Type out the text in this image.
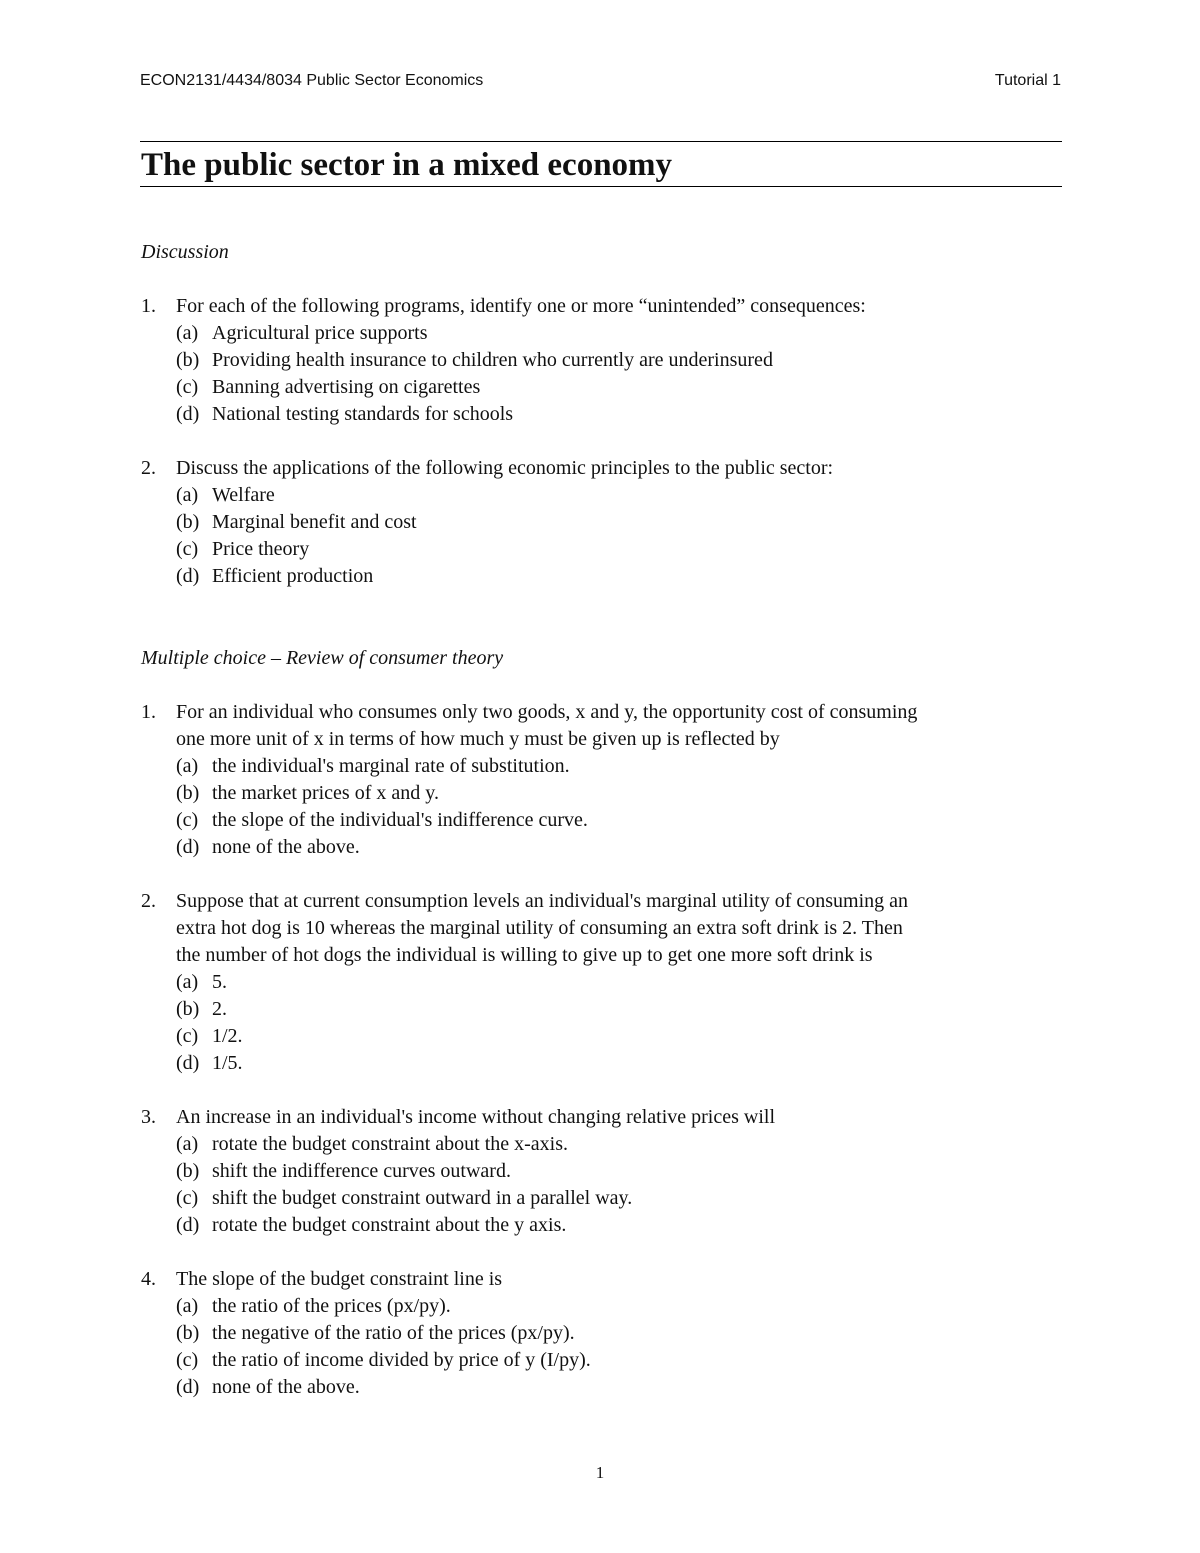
ECON2131/4434/8034 Public Sector Economics	Tutorial 1
The public sector in a mixed economy
Discussion
1. For each of the following programs, identify one or more “unintended” consequences:
(a) Agricultural price supports
(b) Providing health insurance to children who currently are underinsured
(c) Banning advertising on cigarettes
(d) National testing standards for schools
2. Discuss the applications of the following economic principles to the public sector:
(a) Welfare
(b) Marginal benefit and cost
(c) Price theory
(d) Efficient production
Multiple choice – Review of consumer theory
1. For an individual who consumes only two goods, x and y, the opportunity cost of consuming
one more unit of x in terms of how much y must be given up is reflected by
(a) the individual's marginal rate of substitution.
(b) the market prices of x and y.
(c) the slope of the individual's indifference curve.
(d) none of the above.
2. Suppose that at current consumption levels an individual's marginal utility of consuming an
extra hot dog is 10 whereas the marginal utility of consuming an extra soft drink is 2. Then
the number of hot dogs the individual is willing to give up to get one more soft drink is
(a) 5.
(b) 2.
(c) 1/2.
(d) 1/5.
3. An increase in an individual's income without changing relative prices will
(a) rotate the budget constraint about the x-axis.
(b) shift the indifference curves outward.
(c) shift the budget constraint outward in a parallel way.
(d) rotate the budget constraint about the y axis.
4. The slope of the budget constraint line is
(a) the ratio of the prices (px/py).
(b) the negative of the ratio of the prices (px/py).
(c) the ratio of income divided by price of y (I/py).
(d) none of the above.
1
